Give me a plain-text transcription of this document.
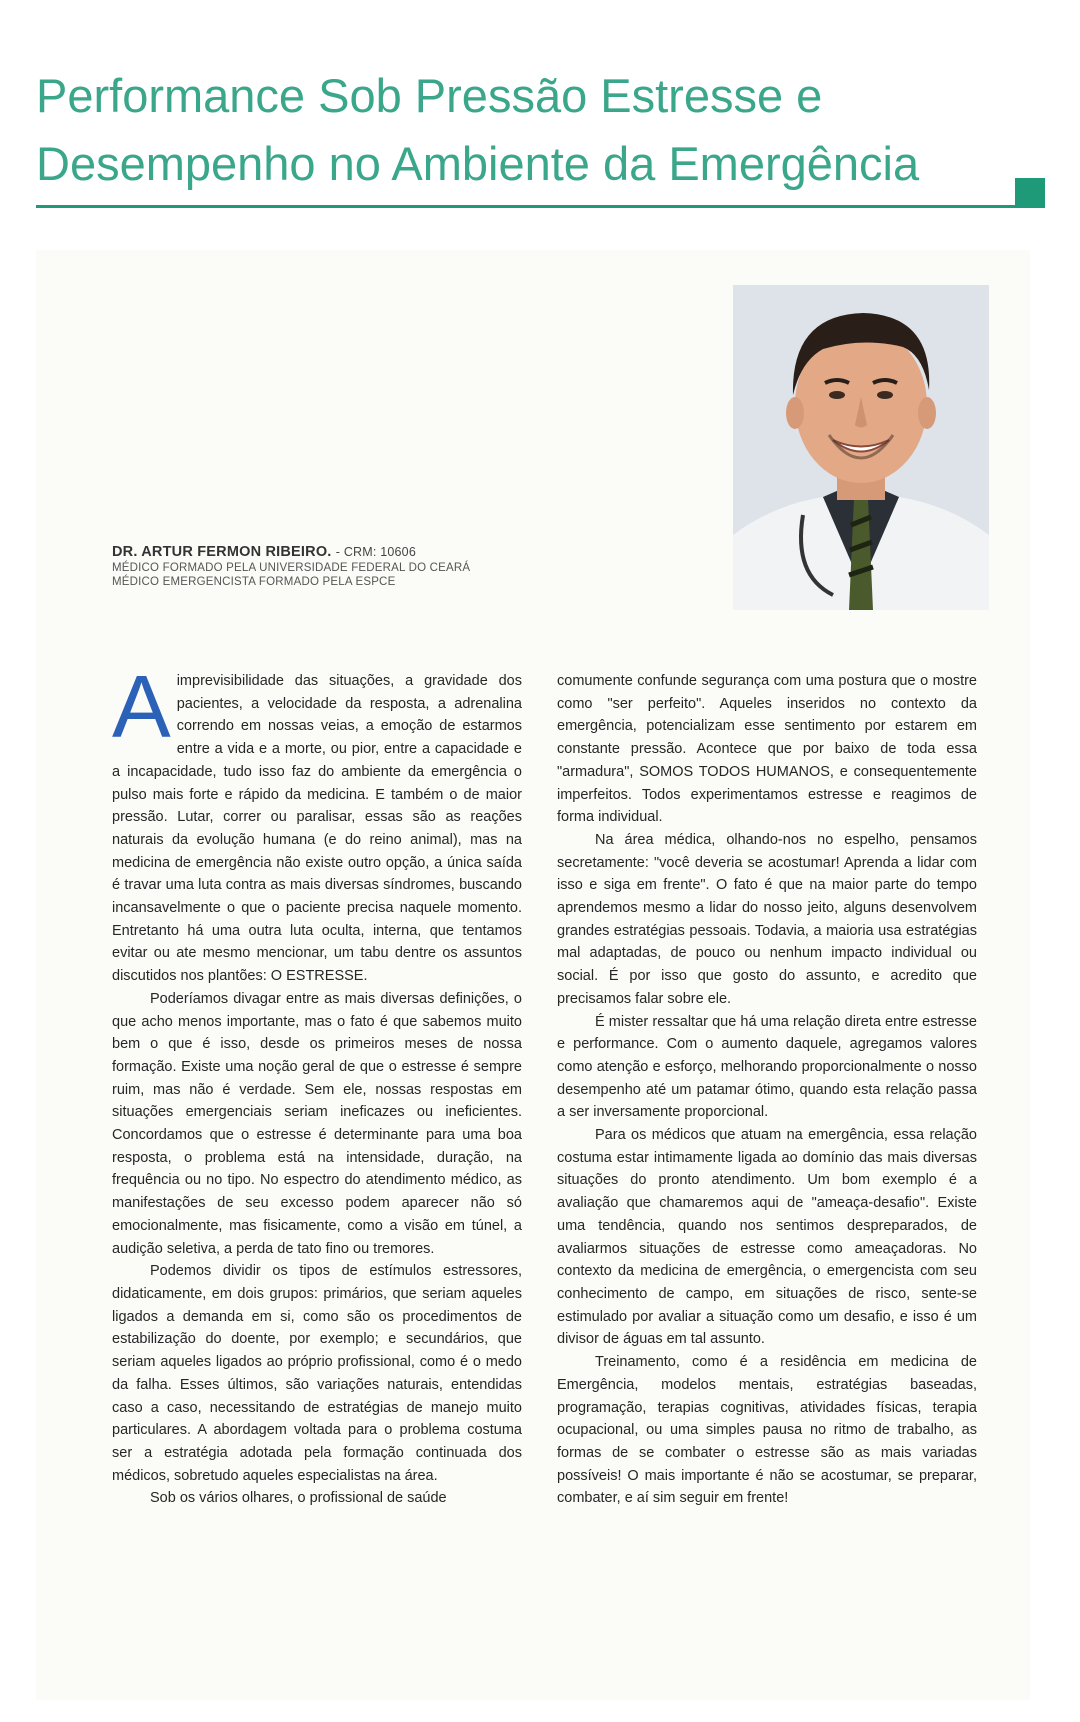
Performance Sob Pressão Estresse e
Desempenho no Ambiente da Emergência
DR. ARTUR FERMON RIBEIRO. - CRM: 10606
MÉDICO FORMADO PELA UNIVERSIDADE FEDERAL DO CEARÁ
MÉDICO EMERGENCISTA FORMADO PELA ESPCE

Aimprevisibilidade das situações, a gravidade dos pacientes, a velocidade da resposta, a adrenalina correndo em nossas veias, a emoção de estarmos entre a vida e a morte, ou pior, entre a capacidade e a incapacidade, tudo isso faz do ambiente da emergência o pulso mais forte e rápido da medicina. E também o de maior pressão. Lutar, correr ou paralisar, essas são as reações naturais da evolução humana (e do reino animal), mas na medicina de emergência não existe outro opção, a única saída é travar uma luta contra as mais diversas síndromes, buscando incansavelmente o que o paciente precisa naquele momento. Entretanto há uma outra luta oculta, interna, que tentamos evitar ou ate mesmo mencionar, um tabu dentre os assuntos discutidos nos plantões: O ESTRESSE.

Poderíamos divagar entre as mais diversas definições, o que acho menos importante, mas o fato é que sabemos muito bem o que é isso, desde os primeiros meses de nossa formação. Existe uma noção geral de que o estresse é sempre ruim, mas não é verdade. Sem ele, nossas respostas em situações emergenciais seriam ineficazes ou ineficientes. Concordamos que o estresse é determinante para uma boa resposta, o problema está na intensidade, duração, na frequência ou no tipo. No espectro do atendimento médico, as manifestações de seu excesso podem aparecer não só emocionalmente, mas fisicamente, como a visão em túnel, a audição seletiva, a perda de tato fino ou tremores.

Podemos dividir os tipos de estímulos estressores, didaticamente, em dois grupos: primários, que seriam aqueles ligados a demanda em si, como são os procedimentos de estabilização do doente, por exemplo; e secundários, que seriam aqueles ligados ao próprio profissional, como é o medo da falha. Esses últimos, são variações naturais, entendidas caso a caso, necessitando de estratégias de manejo muito particulares. A abordagem voltada para o problema costuma ser a estratégia adotada pela formação continuada dos médicos, sobretudo aqueles especialistas na área.

Sob os vários olhares, o profissional de saúde

comumente confunde segurança com uma postura que o mostre como "ser perfeito". Aqueles inseridos no contexto da emergência, potencializam esse sentimento por estarem em constante pressão. Acontece que por baixo de toda essa "armadura", SOMOS TODOS HUMANOS, e consequentemente imperfeitos. Todos experimentamos estresse e reagimos de forma individual.

Na área médica, olhando-nos no espelho, pensamos secretamente: "você deveria se acostumar! Aprenda a lidar com isso e siga em frente". O fato é que na maior parte do tempo aprendemos mesmo a lidar do nosso jeito, alguns desenvolvem grandes estratégias pessoais. Todavia, a maioria usa estratégias mal adaptadas, de pouco ou nenhum impacto individual ou social. É por isso que gosto do assunto, e acredito que precisamos falar sobre ele.

É mister ressaltar que há uma relação direta entre estresse e performance. Com o aumento daquele, agregamos valores como atenção e esforço, melhorando proporcionalmente o nosso desempenho até um patamar ótimo, quando esta relação passa a ser inversamente proporcional.

Para os médicos que atuam na emergência, essa relação costuma estar intimamente ligada ao domínio das mais diversas situações do pronto atendimento. Um bom exemplo é a avaliação que chamaremos aqui de "ameaça-desafio". Existe uma tendência, quando nos sentimos despreparados, de avaliarmos situações de estresse como ameaçadoras. No contexto da medicina de emergência, o emergencista com seu conhecimento de campo, em situações de risco, sente-se estimulado por avaliar a situação como um desafio, e isso é um divisor de águas em tal assunto.

Treinamento, como é a residência em medicina de Emergência, modelos mentais, estratégias baseadas, programação, terapias cognitivas, atividades físicas, terapia ocupacional, ou uma simples pausa no ritmo de trabalho, as formas de se combater o estresse são as mais variadas possíveis! O mais importante é não se acostumar, se preparar, combater, e aí sim seguir em frente!
